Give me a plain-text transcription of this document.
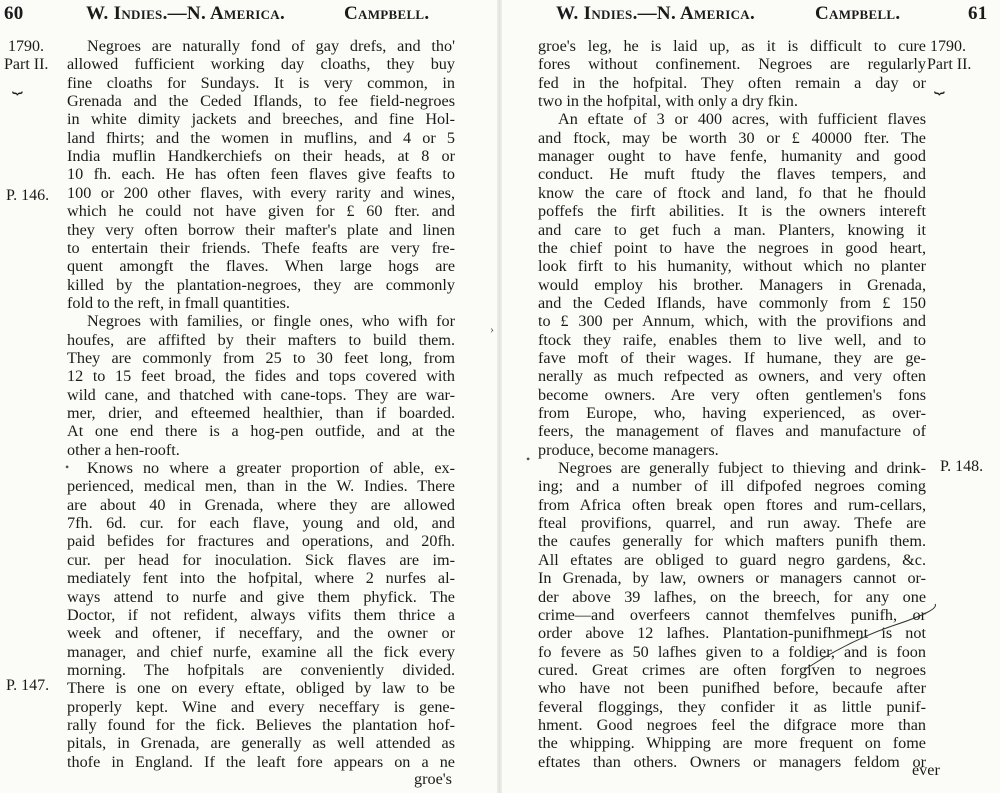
60	W. Indies.—N. America.	Campbell.
1790.
Part II.
⏟
P. 146.
P. 147.
•
Negroes are naturally fond of gay drefs, and tho'
allowed fufficient working day cloaths, they buy
fine cloaths for Sundays. It is very common, in
Grenada and the Ceded Iflands, to fee field-negroes
in white dimity jackets and breeches, and fine Hol-
land fhirts; and the women in muflins, and 4 or 5
India muflin Handkerchiefs on their heads, at 8 or
10 fh. each. He has often feen flaves give feafts to
100 or 200 other flaves, with every rarity and wines,
which he could not have given for £ 60 fter. and
they very often borrow their mafter's plate and linen
to entertain their friends. Thefe feafts are very fre-
quent amongft the flaves. When large hogs are
killed by the plantation-negroes, they are commonly
fold to the reft, in fmall quantities.
Negroes with families, or fingle ones, who wifh for
houfes, are affifted by their mafters to build them.
They are commonly from 25 to 30 feet long, from
12 to 15 feet broad, the fides and tops covered with
wild cane, and thatched with cane-tops. They are war-
mer, drier, and efteemed healthier, than if boarded.
At one end there is a hog-pen outfide, and at the
other a hen-rooft.
Knows no where a greater proportion of able, ex-
perienced, medical men, than in the W. Indies. There
are about 40 in Grenada, where they are allowed
7fh. 6d. cur. for each flave, young and old, and
paid befides for fractures and operations, and 20fh.
cur. per head for inoculation. Sick flaves are im-
mediately fent into the hofpital, where 2 nurfes al-
ways attend to nurfe and give them phyfick. The
Doctor, if not refident, always vifits them thrice a
week and oftener, if neceffary, and the owner or
manager, and chief nurfe, examine all the fick every
morning. The hofpitals are conveniently divided.
There is one on every eftate, obliged by law to be
properly kept. Wine and every neceffary is gene-
rally found for the fick. Believes the plantation hof-
pitals, in Grenada, are generally as well attended as
thofe in England. If the leaft fore appears on a ne
groe's
W. Indies.—N. America.	Campbell.	61
1790.
Part II.
⏟
P. 148.
›
•
groe's leg, he is laid up, as it is difficult to cure
fores without confinement. Negroes are regularly
fed in the hofpital. They often remain a day or
two in the hofpital, with only a dry fkin.
An eftate of 3 or 400 acres, with fufficient flaves
and ftock, may be worth 30 or £ 40000 fter. The
manager ought to have fenfe, humanity and good
conduct. He muft ftudy the flaves tempers, and
know the care of ftock and land, fo that he fhould
poffefs the firft abilities. It is the owners intereft
and care to get fuch a man. Planters, knowing it
the chief point to have the negroes in good heart,
look firft to his humanity, without which no planter
would employ his brother. Managers in Grenada,
and the Ceded Iflands, have commonly from £ 150
to £ 300 per Annum, which, with the provifions and
ftock they raife, enables them to live well, and to
fave moft of their wages. If humane, they are ge-
nerally as much refpected as owners, and very often
become owners. Are very often gentlemen's fons
from Europe, who, having experienced, as over-
feers, the management of flaves and manufacture of
produce, become managers.
Negroes are generally fubject to thieving and drink-
ing; and a number of ill difpofed negroes coming
from Africa often break open ftores and rum-cellars,
fteal provifions, quarrel, and run away. Thefe are
the caufes generally for which mafters punifh them.
All eftates are obliged to guard negro gardens, &c.
In Grenada, by law, owners or managers cannot or-
der above 39 lafhes, on the breech, for any one
crime—and overfeers cannot themfelves punifh, or
order above 12 lafhes. Plantation-punifhment is not
fo fevere as 50 lafhes given to a foldier, and is foon
cured. Great crimes are often forgiven to negroes
who have not been punifhed before, becaufe after
feveral floggings, they confider it as little punif-
hment. Good negroes feel the difgrace more than
the whipping. Whipping are more frequent on fome
eftates than others. Owners or managers feldom or
ever
